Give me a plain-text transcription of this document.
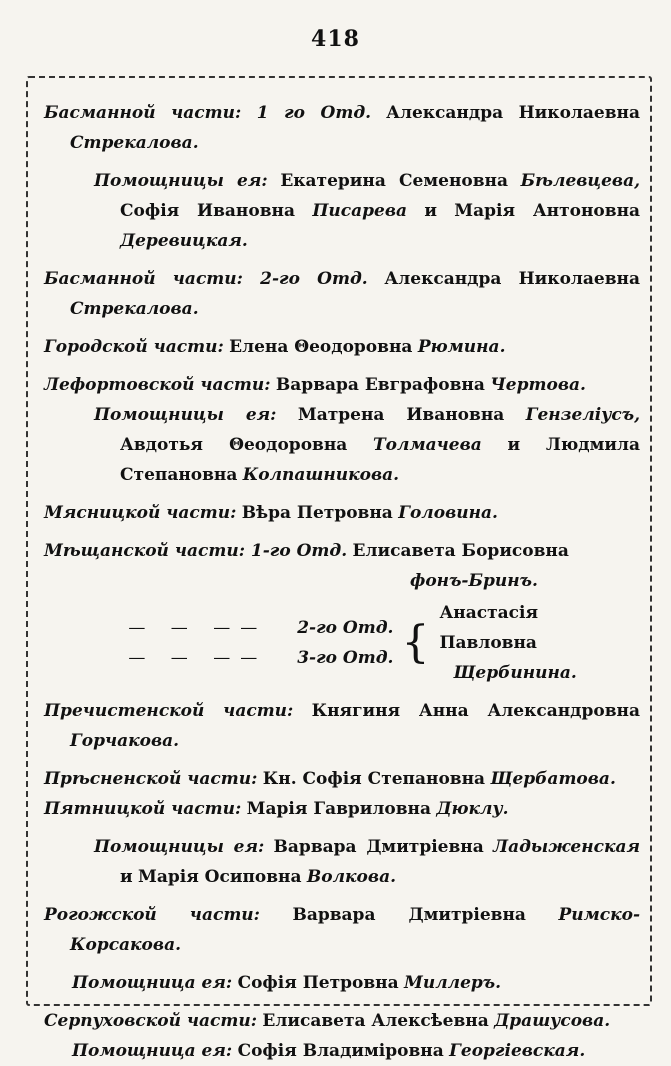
418

Басманной части: 1 го Отд. Александра Николаевна Стрекалова.

Помощницы ея: Екатерина Семеновна Бѣлевцева, Софія Ивановна Писарева и Марія Антоновна Деревицкая.

Басманной части: 2-го Отд. Александра Николаевна Стрекалова.

Городской части: Елена Θеодоровна Рюмина.

Лефортовской части: Варвара Евграфовна Чертова.

Помощницы ея: Матрена Ивановна Гензеліусъ, Авдотья Θеодоровна Толмачева и Людмила Степановна Колпашникова.

Мясницкой части: Вѣра Петровна Головина.

Мѣщанской части: 1-го Отд. Елисавета Борисовна

фонъ-Бринъ.

— — —— 2-го Отд.
— — —— 3-го Отд. {
Анастасія Павловна
Щербинина.

Пречистенской части: Княгиня Анна Александровна Горчакова.

Прѣсненской части: Кн. Софія Степановна Щербатова.

Пятницкой части: Марія Гавриловна Дюклу.

Помощницы ея: Варвара Дмитріевна Ладыженская и Марія Осиповна Волкова.

Рогожской части: Варвара Дмитріевна Римско-Корсакова.

Помощница ея: Софія Петровна Миллеръ.

Серпуховской части: Елисавета Алексѣевна Драшусова.

Помощница ея: Софія Владиміровна Георгіевская.
